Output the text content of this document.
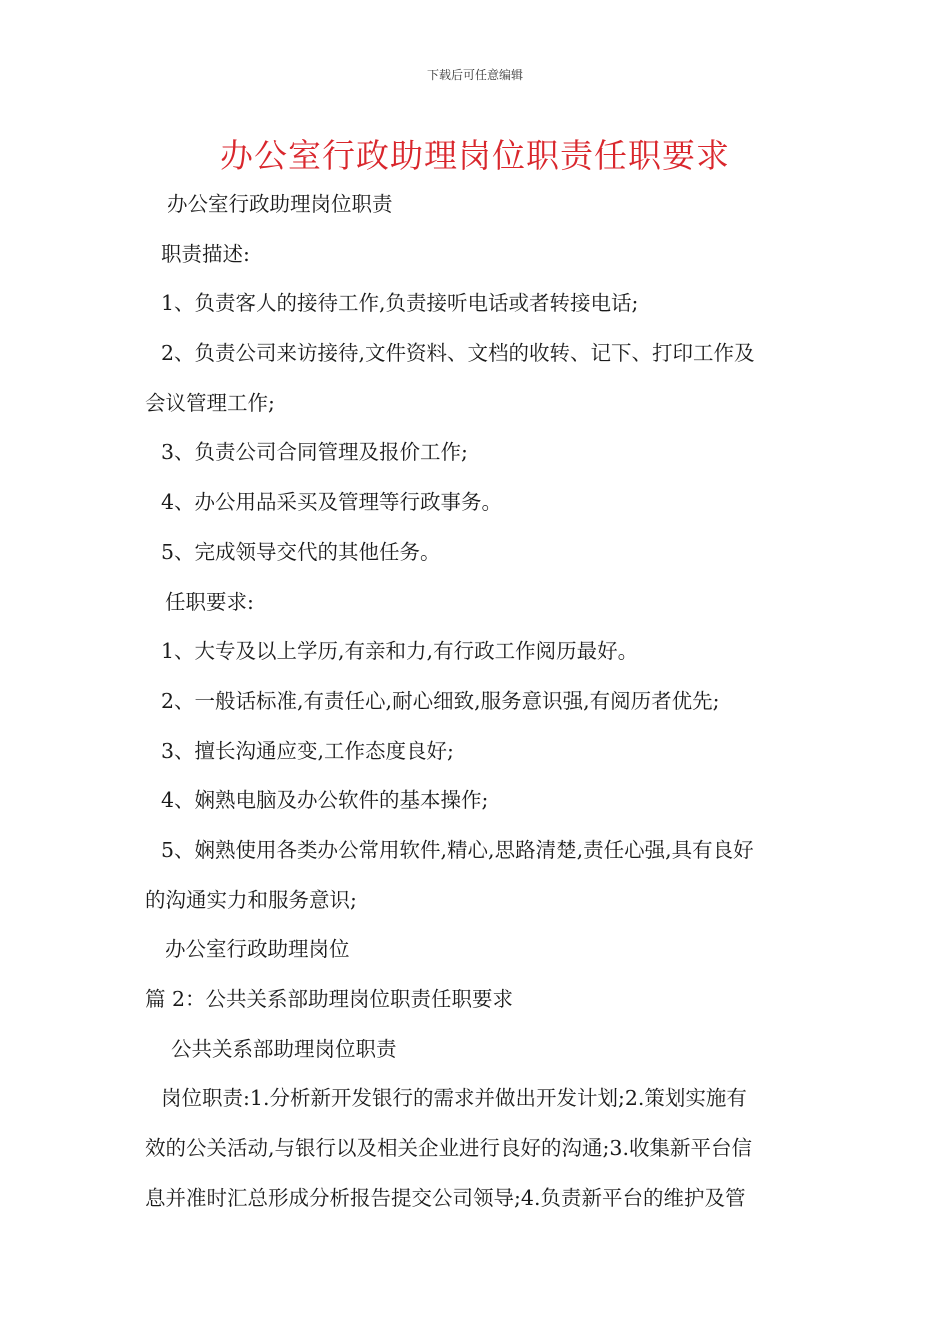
下载后可任意编辑
办公室行政助理岗位职责任职要求
办公室行政助理岗位职责
职责描述:
1、负责客人的接待工作,负责接听电话或者转接电话;
2、负责公司来访接待,文件资料、文档的收转、记下、打印工作及
会议管理工作;
3、负责公司合同管理及报价工作;
4、办公用品采买及管理等行政事务。
5、完成领导交代的其他任务。
任职要求:
1、大专及以上学历,有亲和力,有行政工作阅历最好。
2、一般话标准,有责任心,耐心细致,服务意识强,有阅历者优先;
3、擅长沟通应变,工作态度良好;
4、娴熟电脑及办公软件的基本操作;
5、娴熟使用各类办公常用软件,精心,思路清楚,责任心强,具有良好
的沟通实力和服务意识;
办公室行政助理岗位
篇 2：公共关系部助理岗位职责任职要求
公共关系部助理岗位职责
岗位职责:1.分析新开发银行的需求并做出开发计划;2.策划实施有
效的公关活动,与银行以及相关企业进行良好的沟通;3.收集新平台信
息并准时汇总形成分析报告提交公司领导;4.负责新平台的维护及管
